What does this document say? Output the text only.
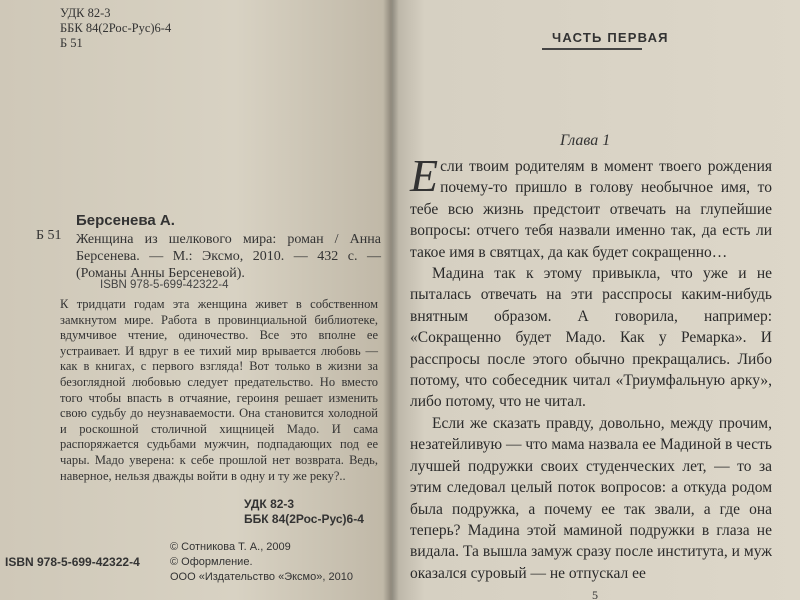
УДК 82-3
ББК 84(2Рос-Рус)6-4
Б 51
Б 51
Берсенева А.
Женщина из шелкового мира: роман / Анна Берсенева. — М.: Эксмо, 2010. — 432 с. — (Романы Анны Берсеневой).
ISBN 978-5-699-42322-4
К тридцати годам эта женщина живет в собственном замкнутом мире. Работа в провинциальной библиотеке, вдумчивое чтение, одиночество. Все это вполне ее устраивает. И вдруг в ее тихий мир врывается любовь — как в книгах, с первого взгляда! Вот только в жизни за безоглядной любовью следует предательство. Но вместо того чтобы впасть в отчаяние, героиня решает изменить свою судьбу до неузнаваемости. Она становится холодной и роскошной столичной хищницей Мадо. И сама распоряжается судьбами мужчин, подпадающих под ее чары. Мадо уверена: к себе прошлой нет возврата. Ведь, наверное, нельзя дважды войти в одну и ту же реку?..
УДК 82-3
ББК 84(2Рос-Рус)6-4
© Сотникова Т. А., 2009
© Оформление.
ООО «Издательство «Эксмо», 2010
ISBN 978-5-699-42322-4
ЧАСТЬ ПЕРВАЯ
Глава 1

Если твоим родителям в момент твоего рождения почему-то пришло в голову необычное имя, то тебе всю жизнь предстоит отвечать на глупейшие вопросы: отчего тебя назвали именно так, да есть ли такое имя в святцах, да как будет сокращенно…

Мадина так к этому привыкла, что уже и не пыталась отвечать на эти расспросы каким-нибудь внятным образом. А говорила, например: «Сокращенно будет Мадо. Как у Ремарка». И расспросы после этого обычно прекращались. Либо потому, что собеседник читал «Триумфальную арку», либо потому, что не читал.

Если же сказать правду, довольно, между прочим, незатейливую — что мама назвала ее Мадиной в честь лучшей подружки своих студенческих лет, — то за этим следовал целый поток вопросов: а откуда родом была подружка, а почему ее так звали, а где она теперь? Мадина этой маминой подружки в глаза не видала. Та вышла замуж сразу после института, и муж оказался суровый — не отпускал ее

5
